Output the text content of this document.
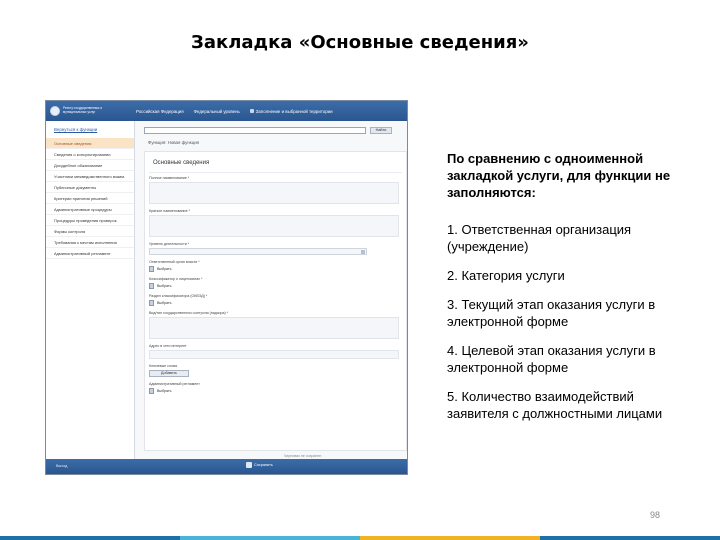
Закладка «Основные сведения»
Реестр государственных и муниципальных услуг	Российская Федерация Федеральный уровень	Заполнение и выбранной территории
Вернуться к функции
Основные сведения
Сведения о консультировании
Досудебное обжалование
Участники межведомственного взаим.
Публичные документы
Критерии принятия решений
Административные процедуры
Процедуры проведения проверок
Формы контроля
Требования к местам исполнения
Административный регламент
Найти
Функция: Новая функция
Основные сведения
Полное наименование *
Краткое наименование *
Уровень деятельности *
Ответственный орган власти *
Выбрать
Классификатор о лицензиатах *
Выбрать
Раздел классификатора (ОКВЭД) *
Выбрать
Вид/тип государственного контроля (надзора) *
Адрес в сети интернет
Ключевые слова
Добавить
Административный регламент
Выбрать
Черновик не сохранен
Выход	Сохранить
По сравнению с одноименной закладкой услуги, для функции не заполняются:
1. Ответственная организация (учреждение)
2. Категория услуги
3. Текущий этап оказания услуги в электронной форме
4. Целевой этап оказания услуги в электронной форме
5. Количество взаимодействий заявителя с должностными лицами
98
